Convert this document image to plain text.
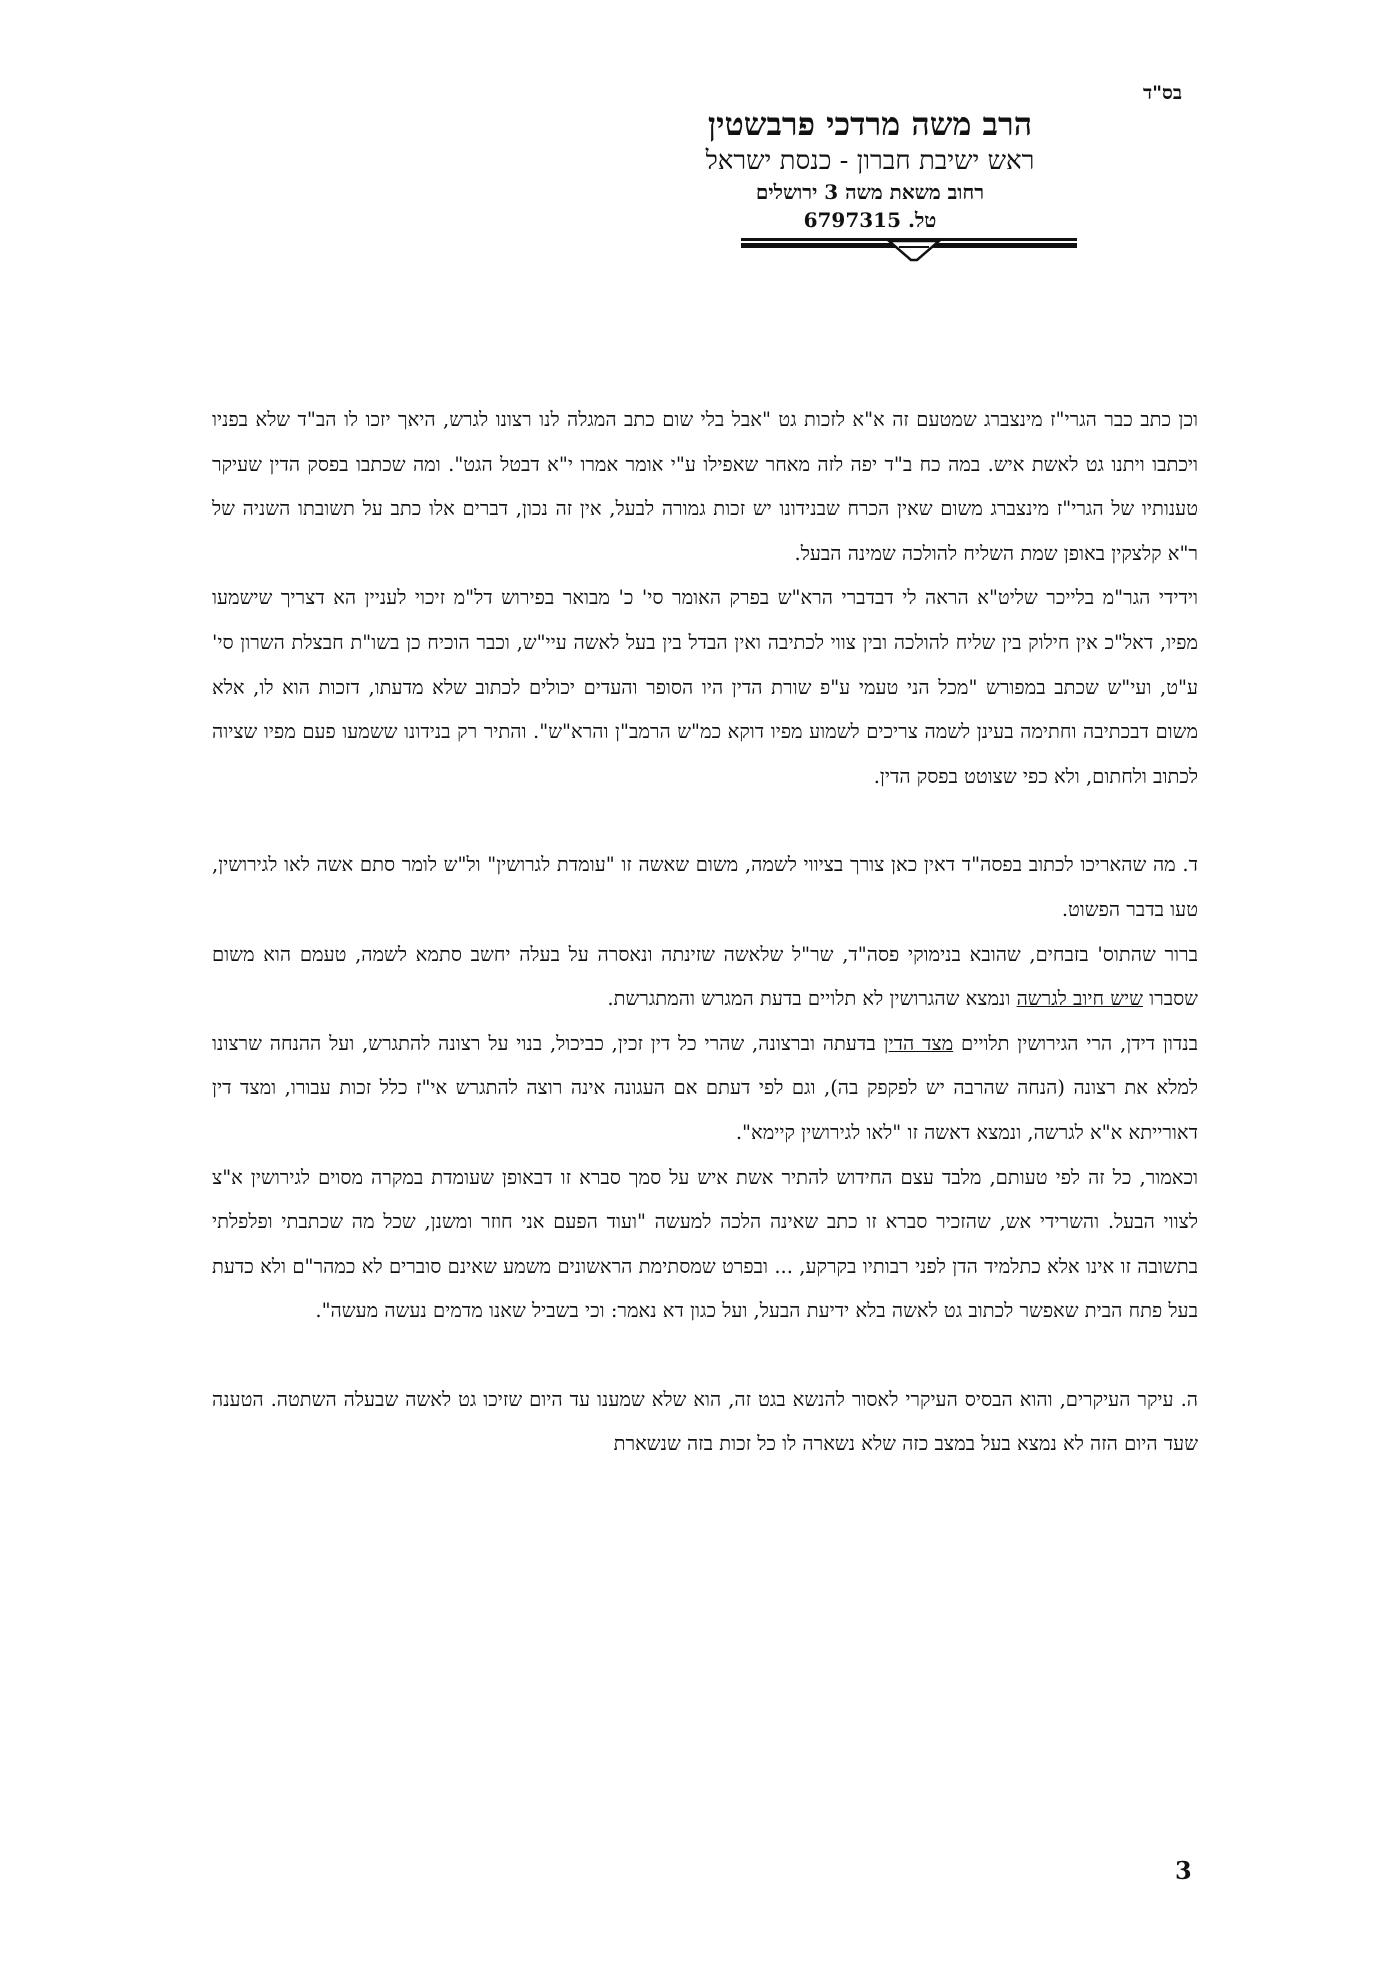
בס"ד
הרב משה מרדכי פרבשטין
ראש ישיבת חברון - כנסת ישראל
רחוב משאת משה 3 ירושלים
טל. 6797315

וכן כתב כבר הגרי"ז מינצברג שמטעם זה א"א לזכות גט "אבל בלי שום כתב המגלה לנו רצונו לגרש, היאך יזכו לו הב"ד שלא בפניו ויכתבו ויתנו גט לאשת איש. במה כח ב"ד יפה לזה מאחר שאפילו ע"י אומר אמרו י"א דבטל הגט". ומה שכתבו בפסק הדין שעיקר טענותיו של הגרי"ז מינצברג משום שאין הכרח שבנידונו יש זכות גמורה לבעל, אין זה נכון, דברים אלו כתב על תשובתו השניה של ר"א קלצקין באופן שמת השליח להולכה שמינה הבעל.

וידידי הגר"מ בלייכר שליט"א הראה לי דבדברי הרא"ש בפרק האומר סי' כ' מבואר בפירוש דל"מ זיכוי לעניין הא דצריך שישמעו מפיו, דאל"כ אין חילוק בין שליח להולכה ובין צווי לכתיבה ואין הבדל בין בעל לאשה עיי"ש, וכבר הוכיח כן בשו"ת חבצלת השרון סי' ע"ט, ועי"ש שכתב במפורש "מכל הני טעמי ע"פ שורת הדין היו הסופר והעדים יכולים לכתוב שלא מדעתו, דזכות הוא לו, אלא משום דבכתיבה וחתימה בעינן לשמה צריכים לשמוע מפיו דוקא כמ"ש הרמב"ן והרא"ש". והתיר רק בנידונו ששמעו פעם מפיו שציוה לכתוב ולחתום, ולא כפי שצוטט בפסק הדין.

ד. מה שהאריכו לכתוב בפסה"ד דאין כאן צורך בציווי לשמה, משום שאשה זו "עומדת לגרושין" ול"ש לומר סתם אשה לאו לגירושין, טעו בדבר הפשוט.

ברור שהתוס' בזבחים, שהובא בנימוקי פסה"ד, שר"ל שלאשה שזינתה ונאסרה על בעלה יחשב סתמא לשמה, טעמם הוא משום שסברו שיש חיוב לגרשה ונמצא שהגרושין לא תלויים בדעת המגרש והמתגרשת.

בנדון דידן, הרי הגירושין תלויים מצד הדין בדעתה וברצונה, שהרי כל דין זכין, כביכול, בנוי על רצונה להתגרש, ועל ההנחה שרצונו למלא את רצונה (הנחה שהרבה יש לפקפק בה), וגם לפי דעתם אם העגונה אינה רוצה להתגרש אי"ז כלל זכות עבורו, ומצד דין דאורייתא א"א לגרשה, ונמצא דאשה זו "לאו לגירושין קיימא".

וכאמור, כל זה לפי טעותם, מלבד עצם החידוש להתיר אשת איש על סמך סברא זו דבאופן שעומדת במקרה מסוים לגירושין א"צ לצווי הבעל. והשרידי אש, שהזכיר סברא זו כתב שאינה הלכה למעשה "ועוד הפעם אני חוזר ומשנן, שכל מה שכתבתי ופלפלתי בתשובה זו אינו אלא כתלמיד הדן לפני רבותיו בקרקע, ... ובפרט שמסתימת הראשונים משמע שאינם סוברים לא כמהר"ם ולא כדעת בעל פתח הבית שאפשר לכתוב גט לאשה בלא ידיעת הבעל, ועל כגון דא נאמר: וכי בשביל שאנו מדמים נעשה מעשה".

ה. עיקר העיקרים, והוא הבסיס העיקרי לאסור להנשא בגט זה, הוא שלא שמענו עד היום שזיכו גט לאשה שבעלה השתטה. הטענה שעד היום הזה לא נמצא בעל במצב כזה שלא נשארה לו כל זכות בזה שנשארת

3
